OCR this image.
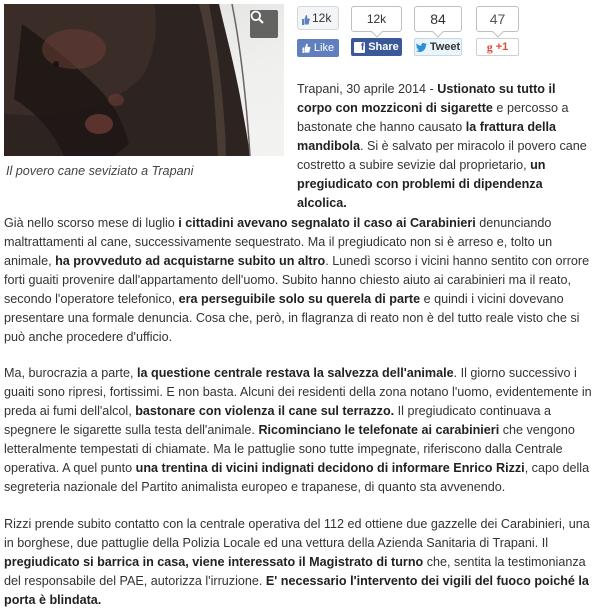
Il povero cane seviziato a Trapani
12k
Like
12k
f Share
84
Tweet
47
g +1
Trapani, 30 aprile 2014 - Ustionato su tutto il corpo con mozziconi di sigarette e percosso a bastonate che hanno causato la frattura della mandibola. Si è salvato per miracolo il povero cane costretto a subire sevizie dal proprietario, un pregiudicato con problemi di dipendenza alcolica.
Già nello scorso mese di luglio i cittadini avevano segnalato il caso ai Carabinieri denunciando maltrattamenti al cane, successivamente sequestrato. Ma il pregiudicato non si è arreso e, tolto un animale, ha provveduto ad acquistarne subito un altro. Lunedì scorso i vicini hanno sentito con orrore forti guaiti provenire dall'appartamento dell'uomo. Subito hanno chiesto aiuto ai carabinieri ma il reato, secondo l'operatore telefonico, era perseguibile solo su querela di parte e quindi i vicini dovevano presentare una formale denuncia. Cosa che, però, in flagranza di reato non è del tutto reale visto che si può anche procedere d'ufficio.
Ma, burocrazia a parte, la questione centrale restava la salvezza dell'animale. Il giorno successivo i guaiti sono ripresi, fortissimi. E non basta. Alcuni dei residenti della zona notano l'uomo, evidentemente in preda ai fumi dell'alcol, bastonare con violenza il cane sul terrazzo. Il pregiudicato continuava a spegnere le sigarette sulla testa dell'animale. Ricominciano le telefonate ai carabinieri che vengono letteralmente tempestati di chiamate. Ma le pattuglie sono tutte impegnate, riferiscono dalla Centrale operativa. A quel punto una trentina di vicini indignati decidono di informare Enrico Rizzi, capo della segreteria nazionale del Partito animalista europeo e trapanese, di quanto sta avvenendo.
Rizzi prende subito contatto con la centrale operativa del 112 ed ottiene due gazzelle dei Carabinieri, una in borghese, due pattuglie della Polizia Locale ed una vettura della Azienda Sanitaria di Trapani. Il pregiudicato si barrica in casa, viene interessato il Magistrato di turno che, sentita la testimonianza del responsabile del PAE, autorizza l'irruzione. E' necessario l'intervento dei vigili del fuoco poiché la porta è blindata.
